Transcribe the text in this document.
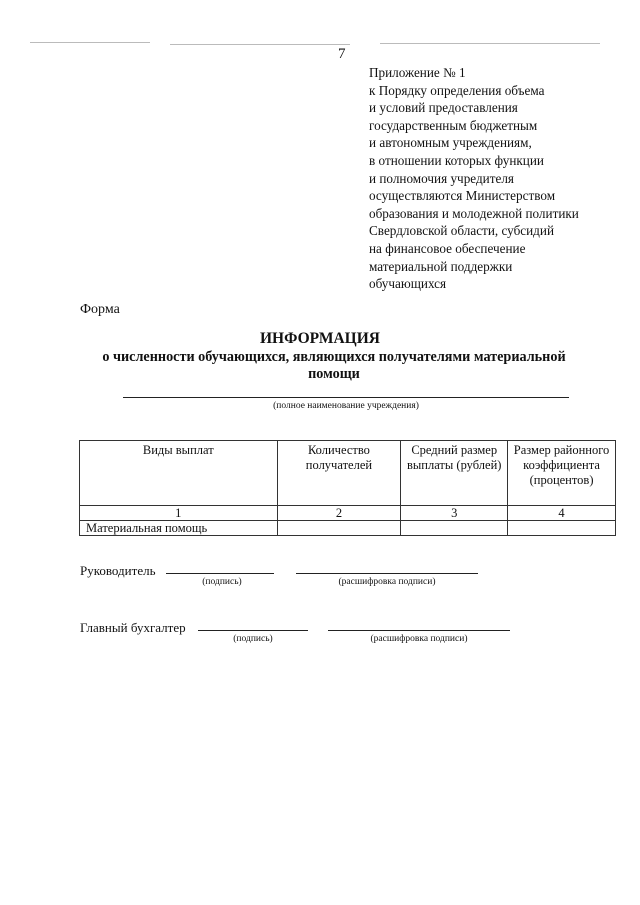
7
Приложение № 1
к Порядку определения объема
и условий предоставления
государственным бюджетным
и автономным учреждениям,
в отношении которых функции
и полномочия учредителя
осуществляются Министерством
образования и молодежной политики
Свердловской области, субсидий
на финансовое обеспечение
материальной поддержки
обучающихся
Форма
ИНФОРМАЦИЯ
о численности обучающихся, являющихся получателями материальной помощи
(полное наименование учреждения)
Виды выплат	Количество получателей	Средний размер выплаты (рублей)	Размер районного коэффициента (процентов)
1	2	3	4
Материальная помощь			
Руководитель
(подпись)	(расшифровка подписи)
Главный бухгалтер
(подпись)	(расшифровка подписи)
